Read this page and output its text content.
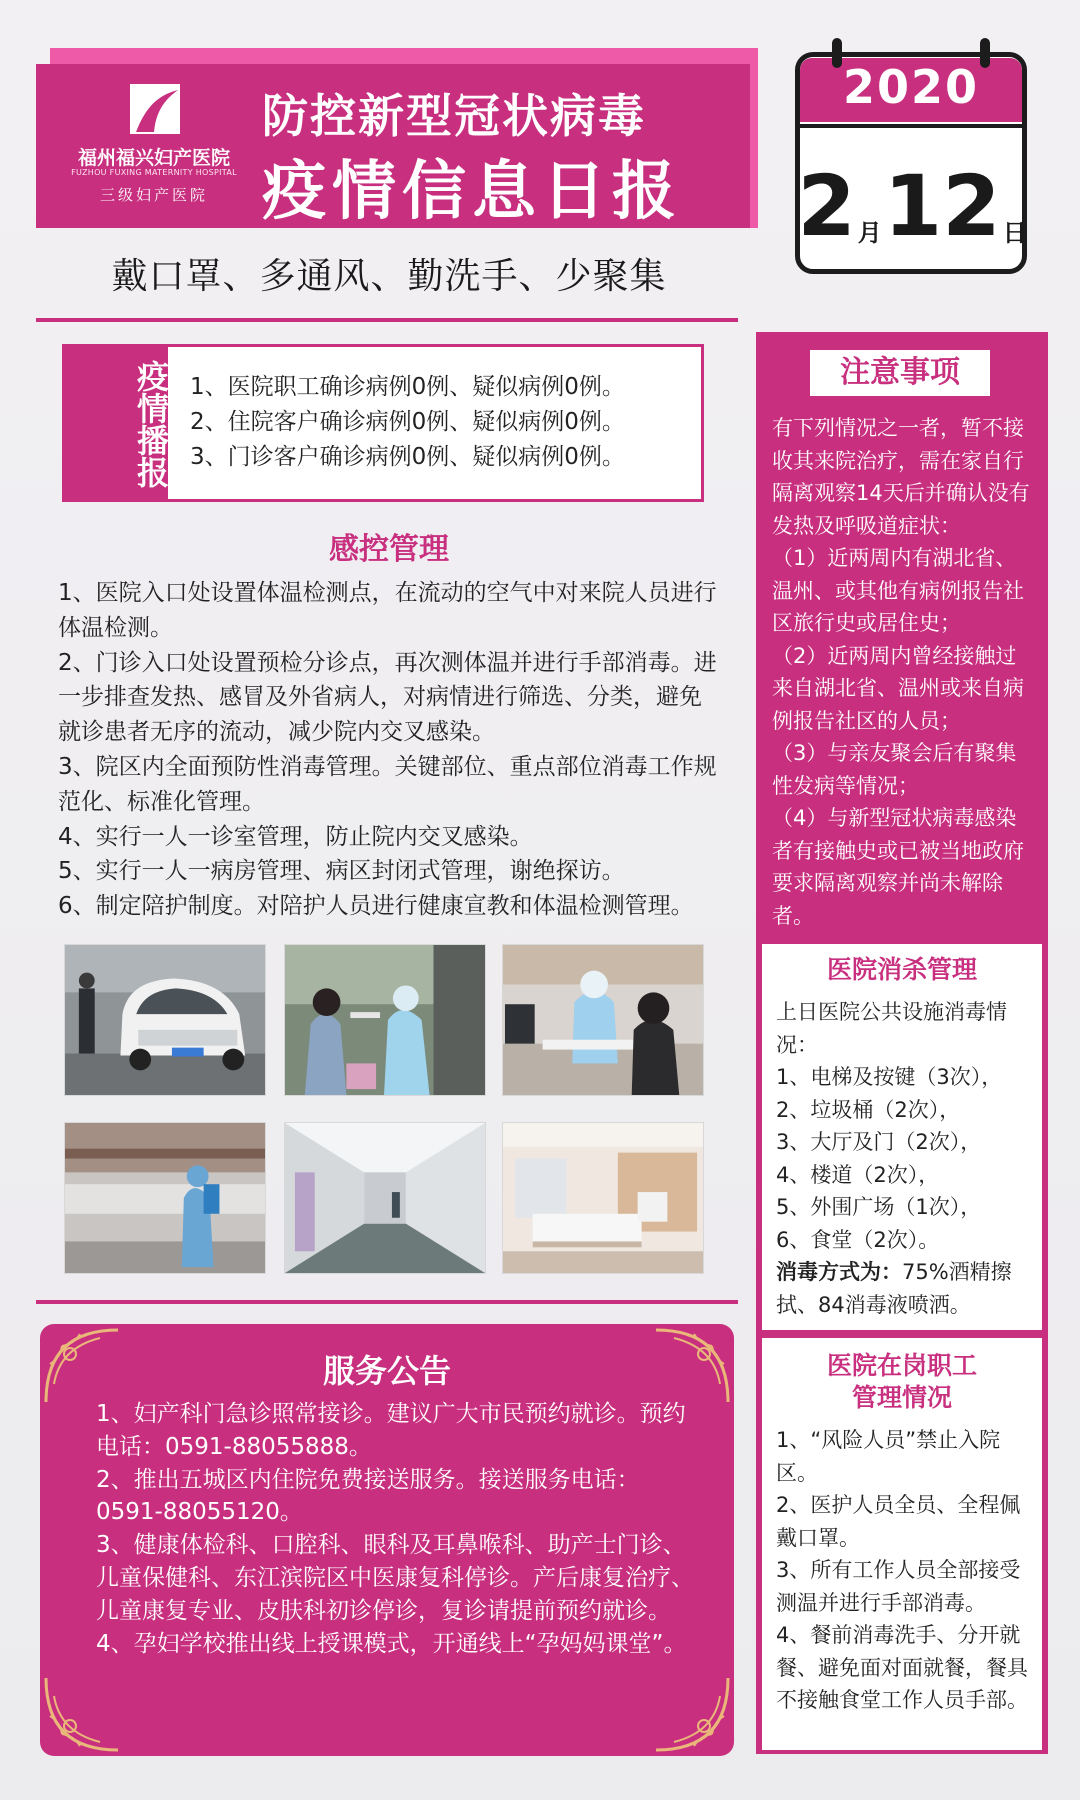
福州福兴妇产医院
FUZHOU FUXING MATERNITY HOSPITAL
三级妇产医院
防控新型冠状病毒
疫情信息日报
2020
2 月 12 日
戴口罩、多通风、勤洗手、少聚集
疫情播报 1、医院职工确诊病例0例、疑似病例0例。
2、住院客户确诊病例0例、疑似病例0例。
3、门诊客户确诊病例0例、疑似病例0例。
感控管理
1、医院入口处设置体温检测点，在流动的空气中对来院人员进行体温检测。
2、门诊入口处设置预检分诊点，再次测体温并进行手部消毒。进一步排查发热、感冒及外省病人，对病情进行筛选、分类，避免就诊患者无序的流动，减少院内交叉感染。
3、院区内全面预防性消毒管理。关键部位、重点部位消毒工作规范化、标准化管理。
4、实行一人一诊室管理，防止院内交叉感染。
5、实行一人一病房管理、病区封闭式管理，谢绝探访。
6、制定陪护制度。对陪护人员进行健康宣教和体温检测管理。
服务公告
1、妇产科门急诊照常接诊。建议广大市民预约就诊。预约电话：0591-88055888。
2、推出五城区内住院免费接送服务。接送服务电话：0591-88055120。
3、健康体检科、口腔科、眼科及耳鼻喉科、助产士门诊、儿童保健科、东江滨院区中医康复科停诊。产后康复治疗、儿童康复专业、皮肤科初诊停诊，复诊请提前预约就诊。
4、孕妇学校推出线上授课模式，开通线上“孕妈妈课堂”。
注意事项
有下列情况之一者，暂不接收其来院治疗，需在家自行隔离观察14天后并确认没有发热及呼吸道症状：
（1）近两周内有湖北省、温州、或其他有病例报告社区旅行史或居住史；
（2）近两周内曾经接触过来自湖北省、温州或来自病例报告社区的人员；
（3）与亲友聚会后有聚集性发病等情况；
（4）与新型冠状病毒感染者有接触史或已被当地政府要求隔离观察并尚未解除者。
医院消杀管理
上日医院公共设施消毒情况：
1、电梯及按键（3次），
2、垃圾桶（2次），
3、大厅及门（2次），
4、楼道（2次），
5、外围广场（1次），
6、食堂（2次）。
消毒方式为：75%酒精擦拭、84消毒液喷洒。
医院在岗职工
管理情况
1、“风险人员”禁止入院区。
2、医护人员全员、全程佩戴口罩。
3、所有工作人员全部接受测温并进行手部消毒。
4、餐前消毒洗手、分开就餐、避免面对面就餐，餐具不接触食堂工作人员手部。
